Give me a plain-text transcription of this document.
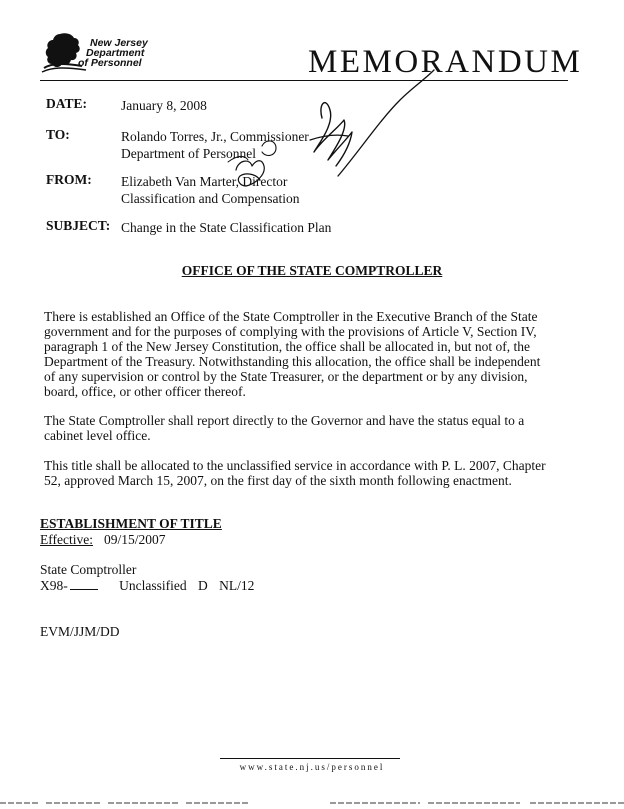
New Jersey
Department
of Personnel	MEMORANDUM
DATE:	January 8, 2008
TO:	Rolando Torres, Jr., Commissioner
Department of Personnel
FROM: Elizabeth Van Marter, Director
Classification and Compensation
SUBJECT: Change in the State Classification Plan
OFFICE OF THE STATE COMPTROLLER
There is established an Office of the State Comptroller in the Executive Branch of the State
government and for the purposes of complying with the provisions of Article V, Section IV,
paragraph 1 of the New Jersey Constitution, the office shall be allocated in, but not of, the
Department of the Treasury. Notwithstanding this allocation, the office shall be independent
of any supervision or control by the State Treasurer, or the department or by any division,
board, office, or other officer thereof.
The State Comptroller shall report directly to the Governor and have the status equal to a
cabinet level office.
This title shall be allocated to the unclassified service in accordance with P. L. 2007, Chapter
52, approved March 15, 2007, on the first day of the sixth month following enactment.
ESTABLISHMENT OF TITLE
Effective: 09/15/2007
State Comptroller
X98-	Unclassified D NL/12
EVM/JJM/DD
www.state.nj.us/personnel
